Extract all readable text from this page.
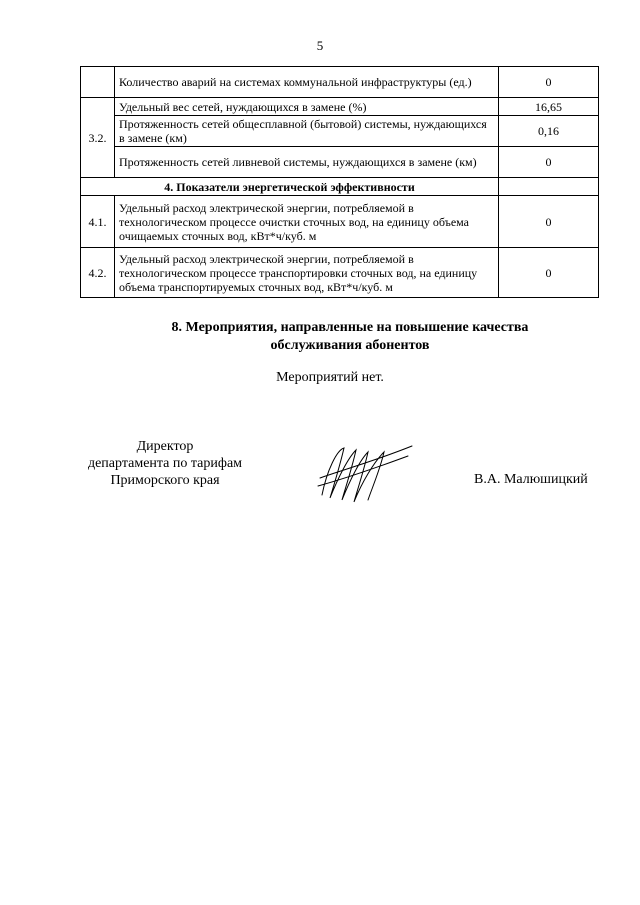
5
	Количество аварий на системах коммунальной инфраструктуры (ед.)	0
3.2.	Удельный вес сетей, нуждающихся в замене (%)	16,65
	Протяженность сетей общесплавной (бытовой) системы, нуждающихся в замене (км)	0,16
	Протяженность сетей ливневой системы, нуждающихся в замене (км)	0
4. Показатели энергетической эффективности		
4.1.	Удельный расход электрической энергии, потребляемой в технологическом процессе очистки сточных вод, на единицу объема очищаемых сточных вод, кВт*ч/куб. м	0
4.2.	Удельный расход электрической энергии, потребляемой в технологическом процессе транспортировки сточных вод, на единицу объема транспортируемых сточных вод, кВт*ч/куб. м	0
8. Мероприятия, направленные на повышение качества
обслуживания абонентов
Мероприятий нет.
Директор
департамента по тарифам
Приморского края	В.А. Малюшицкий
